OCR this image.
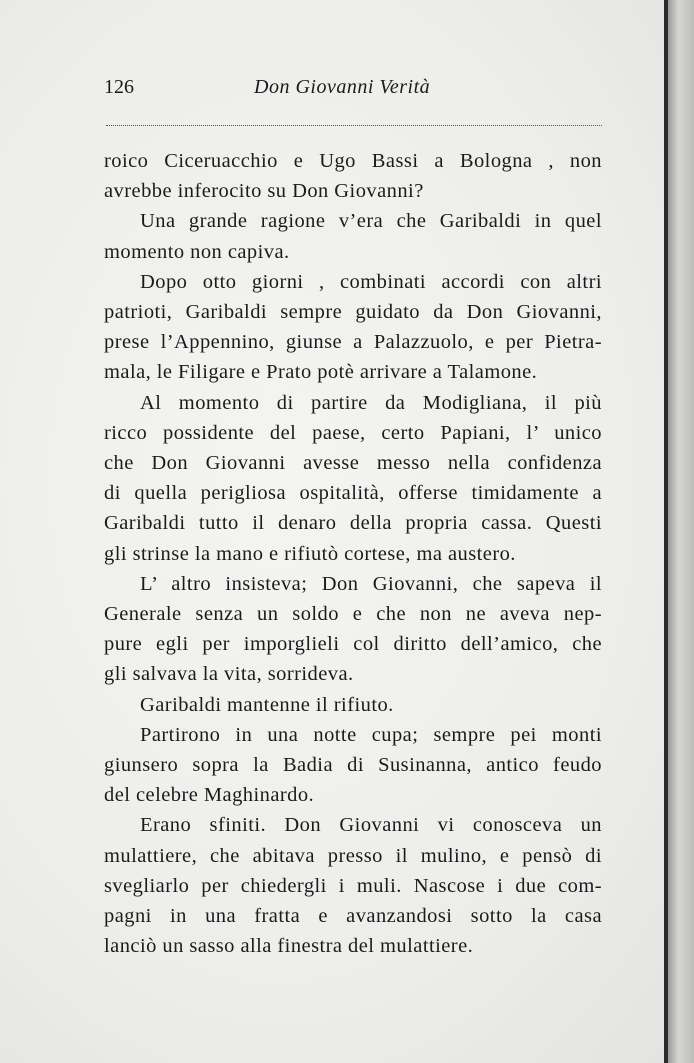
126	Don Giovanni Verità

roico Ciceruacchio e Ugo Bassi a Bologna , non
avrebbe inferocito su Don Giovanni?

Una grande ragione v’era che Garibaldi in quel
momento non capiva.

Dopo otto giorni , combinati accordi con altri
patrioti, Garibaldi sempre guidato da Don Giovanni,
prese l’Appennino, giunse a Palazzuolo, e per Pietra-
mala, le Filigare e Prato potè arrivare a Talamone.

Al momento di partire da Modigliana, il più
ricco possidente del paese, certo Papiani, l’ unico
che Don Giovanni avesse messo nella confidenza
di quella perigliosa ospitalità, offerse timidamente a
Garibaldi tutto il denaro della propria cassa. Questi
gli strinse la mano e rifiutò cortese, ma austero.

L’ altro insisteva; Don Giovanni, che sapeva il
Generale senza un soldo e che non ne aveva nep-
pure egli per imporglieli col diritto dell’amico, che
gli salvava la vita, sorrideva.

Garibaldi mantenne il rifiuto.

Partirono in una notte cupa; sempre pei monti
giunsero sopra la Badia di Susinanna, antico feudo
del celebre Maghinardo.

Erano sfiniti. Don Giovanni vi conosceva un
mulattiere, che abitava presso il mulino, e pensò di
svegliarlo per chiedergli i muli. Nascose i due com-
pagni in una fratta e avanzandosi sotto la casa
lanciò un sasso alla finestra del mulattiere.
